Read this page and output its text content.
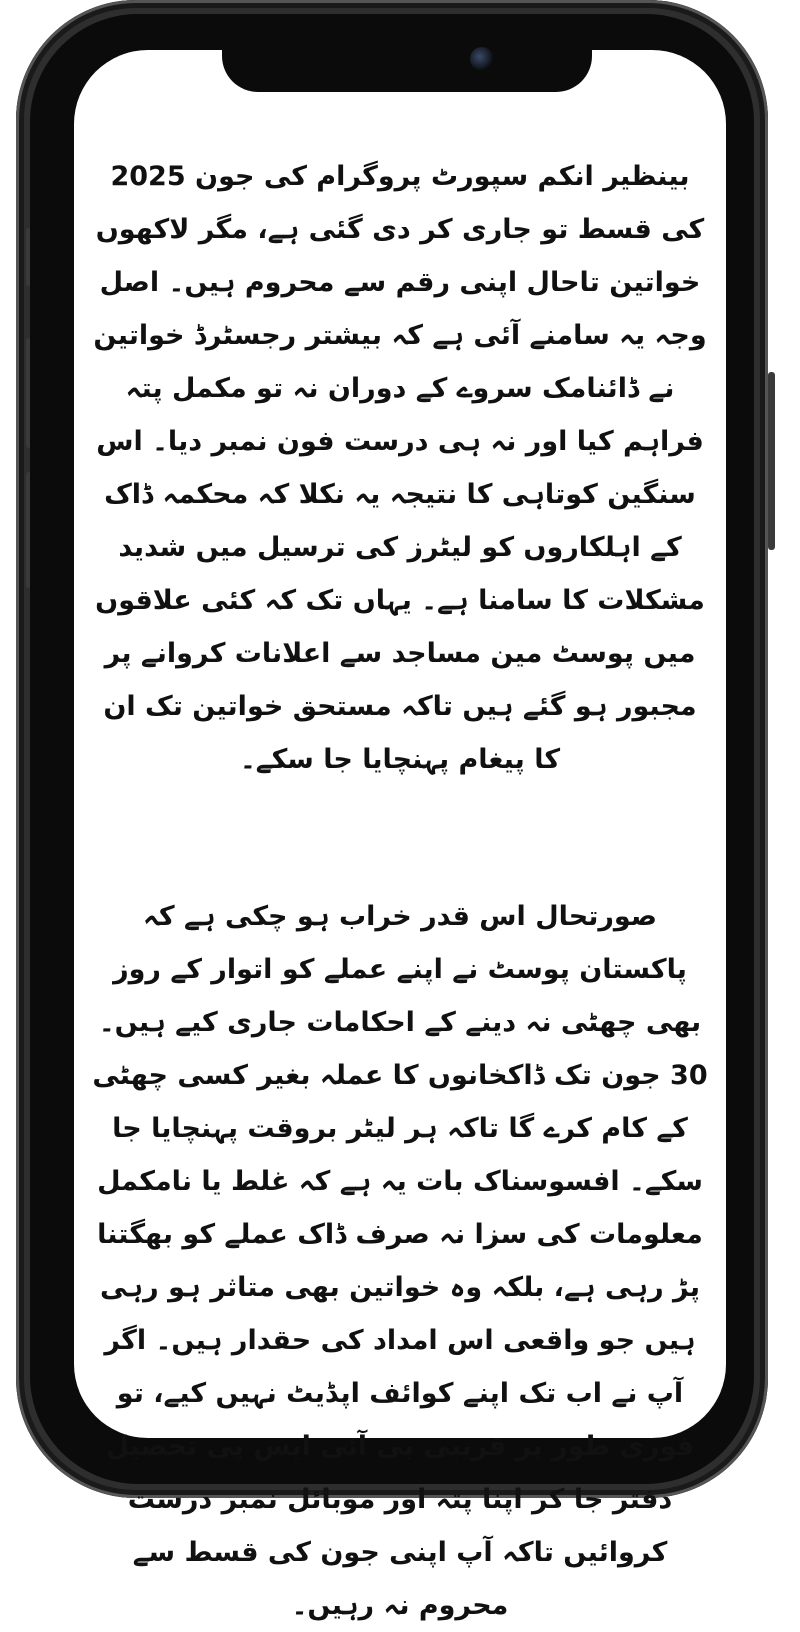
بینظیر انکم سپورٹ پروگرام کی جون 2025 کی قسط تو جاری کر دی گئی ہے، مگر لاکھوں خواتین تاحال اپنی رقم سے محروم ہیں۔ اصل وجہ یہ سامنے آئی ہے کہ بیشتر رجسٹرڈ خواتین نے ڈائنامک سروے کے دوران نہ تو مکمل پتہ فراہم کیا اور نہ ہی درست فون نمبر دیا۔ اس سنگین کوتاہی کا نتیجہ یہ نکلا کہ محکمہ ڈاک کے اہلکاروں کو لیٹرز کی ترسیل میں شدید مشکلات کا سامنا ہے۔ یہاں تک کہ کئی علاقوں میں پوسٹ مین مساجد سے اعلانات کروانے پر مجبور ہو گئے ہیں تاکہ مستحق خواتین تک ان کا پیغام پہنچایا جا سکے۔

صورتحال اس قدر خراب ہو چکی ہے کہ پاکستان پوسٹ نے اپنے عملے کو اتوار کے روز بھی چھٹی نہ دینے کے احکامات جاری کیے ہیں۔ 30 جون تک ڈاکخانوں کا عملہ بغیر کسی چھٹی کے کام کرے گا تاکہ ہر لیٹر بروقت پہنچایا جا سکے۔ افسوسناک بات یہ ہے کہ غلط یا نامکمل معلومات کی سزا نہ صرف ڈاک عملے کو بھگتنا پڑ رہی ہے، بلکہ وہ خواتین بھی متاثر ہو رہی ہیں جو واقعی اس امداد کی حقدار ہیں۔ اگر آپ نے اب تک اپنے کوائف اپڈیٹ نہیں کیے، تو فوری طور پر قریبی بی آئی ایس پی تحصیل دفتر جا کر اپنا پتہ اور موبائل نمبر درست کروائیں تاکہ آپ اپنی جون کی قسط سے محروم نہ رہیں۔
